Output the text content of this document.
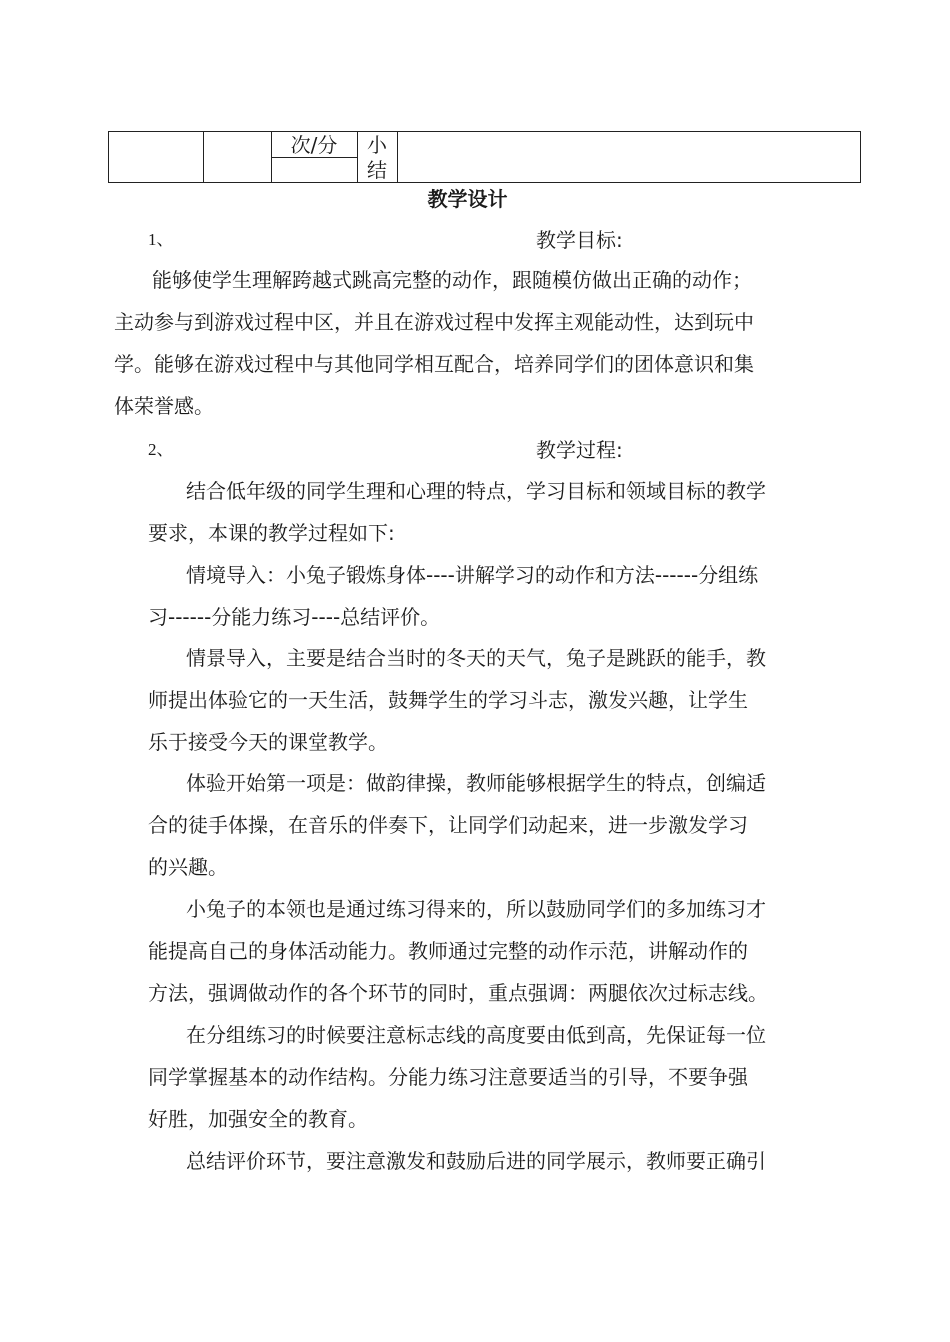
次/分	小
结
教学设计
1、	教学目标:
能够使学生理解跨越式跳高完整的动作，跟随模仿做出正确的动作；
主动参与到游戏过程中区，并且在游戏过程中发挥主观能动性，达到玩中
学。能够在游戏过程中与其他同学相互配合，培养同学们的团体意识和集
体荣誉感。
2、	教学过程:
结合低年级的同学生理和心理的特点，学习目标和领域目标的教学
要求，本课的教学过程如下:
情境导入：小兔子锻炼身体----讲解学习的动作和方法------分组练
习------分能力练习----总结评价。
情景导入，主要是结合当时的冬天的天气，兔子是跳跃的能手，教
师提出体验它的一天生活，鼓舞学生的学习斗志，激发兴趣，让学生
乐于接受今天的课堂教学。
体验开始第一项是：做韵律操，教师能够根据学生的特点，创编适
合的徒手体操，在音乐的伴奏下，让同学们动起来，进一步激发学习
的兴趣。
小兔子的本领也是通过练习得来的，所以鼓励同学们的多加练习才
能提高自己的身体活动能力。教师通过完整的动作示范，讲解动作的
方法，强调做动作的各个环节的同时，重点强调：两腿依次过标志线。
在分组练习的时候要注意标志线的高度要由低到高，先保证每一位
同学掌握基本的动作结构。分能力练习注意要适当的引导，不要争强
好胜，加强安全的教育。
总结评价环节，要注意激发和鼓励后进的同学展示，教师要正确引
